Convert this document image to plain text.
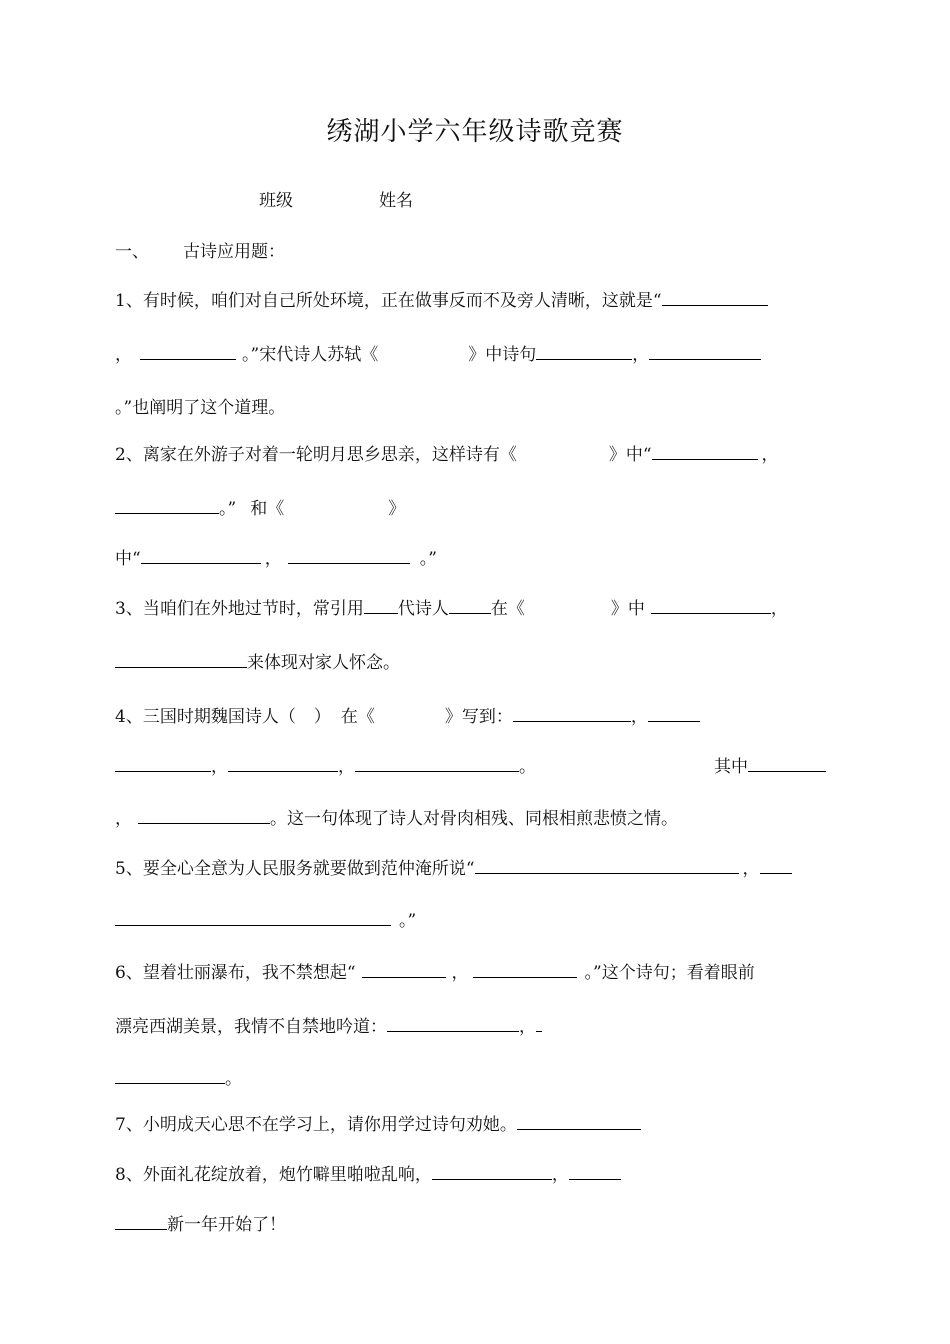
绣湖小学六年级诗歌竞赛
班级	姓名
一、 古诗应用题：
1、有时候，咱们对自己所处环境，正在做事反而不及旁人清晰，这就是“
，	。”宋代诗人苏轼《	》中诗句	，
。”也阐明了这个道理。
2、离家在外游子对着一轮明月思乡思亲，这样诗有《	》中“	，
。” 和《	》
中“	，	。”
3、当咱们在外地过节时，常引用 代诗人 在《	》中	，
来体现对家人怀念。
4、三国时期魏国诗人（ ） 在《	》写到：	，
，	，	。	其中
，	。这一句体现了诗人对骨肉相残、同根相煎悲愤之情。
5、要全心全意为人民服务就要做到范仲淹所说“	，
。”
6、望着壮丽瀑布，我不禁想起“	，	。”这个诗句；看着眼前
漂亮西湖美景，我情不自禁地吟道：	，
。
7、小明成天心思不在学习上，请你用学过诗句劝她。
8、外面礼花绽放着，炮竹噼里啪啦乱响，	，
新一年开始了！
